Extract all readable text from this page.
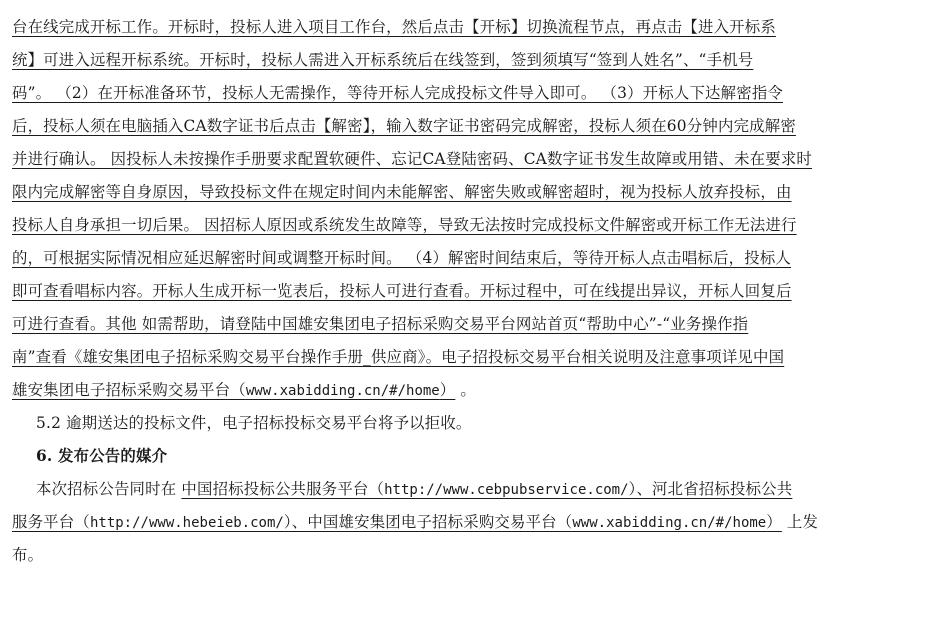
台在线完成开标工作。开标时，投标人进入项目工作台，然后点击【开标】切换流程节点，再点击【进入开标系
统】可进入远程开标系统。开标时，投标人需进入开标系统后在线签到，签到须填写“签到人姓名”、“手机号
码”。 （2）在开标准备环节，投标人无需操作，等待开标人完成投标文件导入即可。 （3）开标人下达解密指令
后，投标人须在电脑插入CA数字证书后点击【解密】，输入数字证书密码完成解密，投标人须在60分钟内完成解密
并进行确认。 因投标人未按操作手册要求配置软硬件、忘记CA登陆密码、CA数字证书发生故障或用错、未在要求时
限内完成解密等自身原因，导致投标文件在规定时间内未能解密、解密失败或解密超时，视为投标人放弃投标，由
投标人自身承担一切后果。 因招标人原因或系统发生故障等，导致无法按时完成投标文件解密或开标工作无法进行
的，可根据实际情况相应延迟解密时间或调整开标时间。 （4）解密时间结束后，等待开标人点击唱标后，投标人
即可查看唱标内容。开标人生成开标一览表后，投标人可进行查看。开标过程中，可在线提出异议，开标人回复后
可进行查看。其他 如需帮助，请登陆中国雄安集团电子招标采购交易平台网站首页“帮助中心”-“业务操作指
南”查看《雄安集团电子招标采购交易平台操作手册_供应商》。电子招投标交易平台相关说明及注意事项详见中国
雄安集团电子招标采购交易平台（www.xabidding.cn/#/home） 。
5.2 逾期送达的投标文件，电子招标投标交易平台将予以拒收。
6. 发布公告的媒介
本次招标公告同时在 中国招标投标公共服务平台（http://www.cebpubservice.com/）、河北省招标投标公共
服务平台（http://www.hebeieb.com/）、中国雄安集团电子招标采购交易平台（www.xabidding.cn/#/home） 上发
布。
